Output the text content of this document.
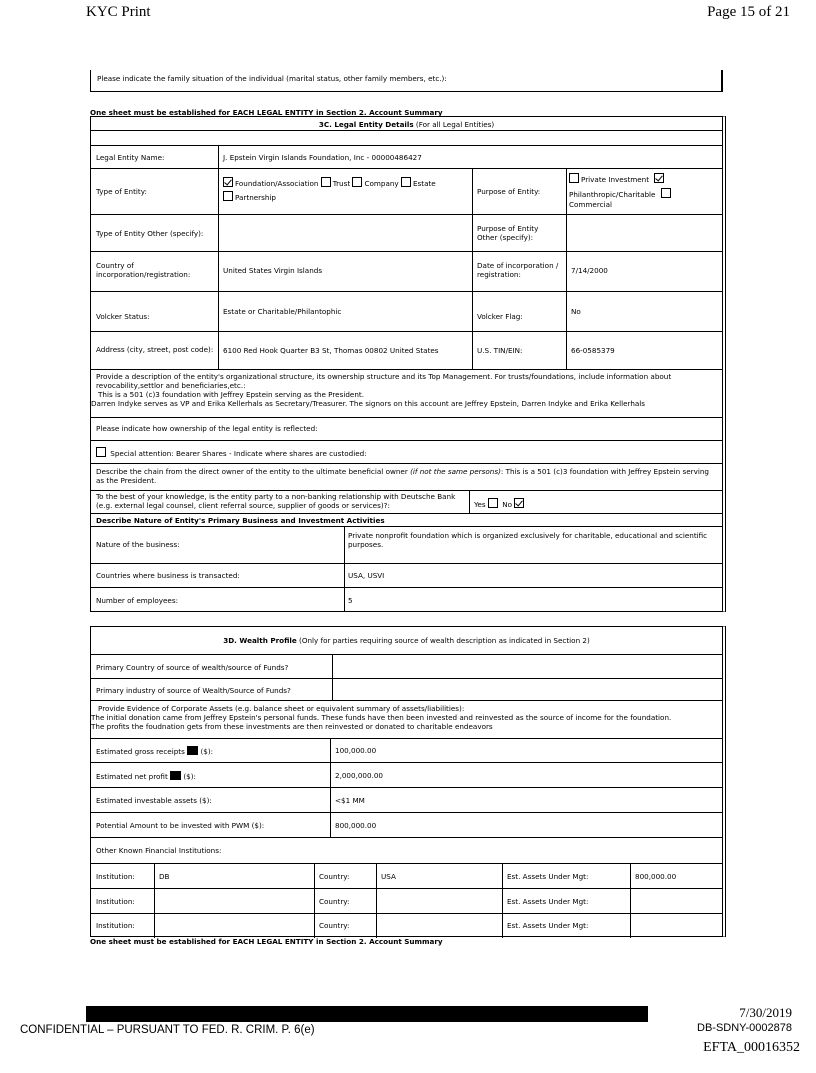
KYC Print	Page 15 of 21
Please indicate the family situation of the individual (marital status, other family members, etc.):
One sheet must be established for EACH LEGAL ENTITY in Section 2. Account Summary
3C. Legal Entity Details (For all Legal Entities)
Legal Entity Name:	J. Epstein Virgin Islands Foundation, Inc - 00000486427
Type of Entity:
Foundation/Association Trust Company Estate
Partnership
Purpose of Entity:
Private Investment
Philanthropic/Charitable
Commercial
Type of Entity Other (specify):
Purpose of Entity Other (specify):
Country of incorporation/registration:	United States Virgin Islands
Date of incorporation / registration:	7/14/2000
Volcker Status:
Estate or Charitable/Philantophic
Volcker Flag:
No
Address (city, street, post code): 6100 Red Hook Quarter B3 St, Thomas 00802 United States	U.S. TIN/EIN:	66-0585379
Provide a description of the entity's organizational structure, its ownership structure and its Top Management. For trusts/foundations, include information about revocability,settlor and beneficiaries,etc.:
This is a 501 (c)3 foundation with Jeffrey Epstein serving as the President.
Darren Indyke serves as VP and Erika Kellerhals as Secretary/Treasurer. The signors on this account are Jeffrey Epstein, Darren Indyke and Erika Kellerhals
Please indicate how ownership of the legal entity is reflected:
Special attention: Bearer Shares - Indicate where shares are custodied:
Describe the chain from the direct owner of the entity to the ultimate beneficial owner (if not the same persons): This is a 501 (c)3 foundation with Jeffrey Epstein serving as the President.
To the best of your knowledge, is the entity party to a non-banking relationship with Deutsche Bank (e.g. external legal counsel, client referral source, supplier of goods or services)?:	Yes No
Describe Nature of Entity's Primary Business and Investment Activities
Nature of the business:
Private nonprofit foundation which is organized exclusively for charitable, educational and scientific purposes.
Countries where business is transacted:	USA, USVI
Number of employees:	5
3D. Wealth Profile (Only for parties requiring source of wealth description as indicated in Section 2)
Primary Country of source of wealth/source of Funds?
Primary industry of source of Wealth/Source of Funds?
Provide Evidence of Corporate Assets (e.g. balance sheet or equivalent summary of assets/liabilities):
The initial donation came from Jeffrey Epstein's personal funds. These funds have then been invested and reinvested as the source of income for the foundation.
The profits the foudnation gets from these investments are then reinvested or donated to charitable endeavors
Estimated gross receipts ($):	100,000.00
Estimated net profit ($):	2,000,000.00
Estimated investable assets ($):	<$1 MM
Potential Amount to be invested with PWM ($):	800,000.00
Other Known Financial Institutions:
Institution:	DB	Country:	USA	Est. Assets Under Mgt:	800,000.00
Institution:	Country:	Est. Assets Under Mgt:
Institution:	Country:	Est. Assets Under Mgt:
One sheet must be established for EACH LEGAL ENTITY in Section 2. Account Summary
CONFIDENTIAL – PURSUANT TO FED. R. CRIM. P. 6(e)
7/30/2019
DB-SDNY-0002878
EFTA_00016352
